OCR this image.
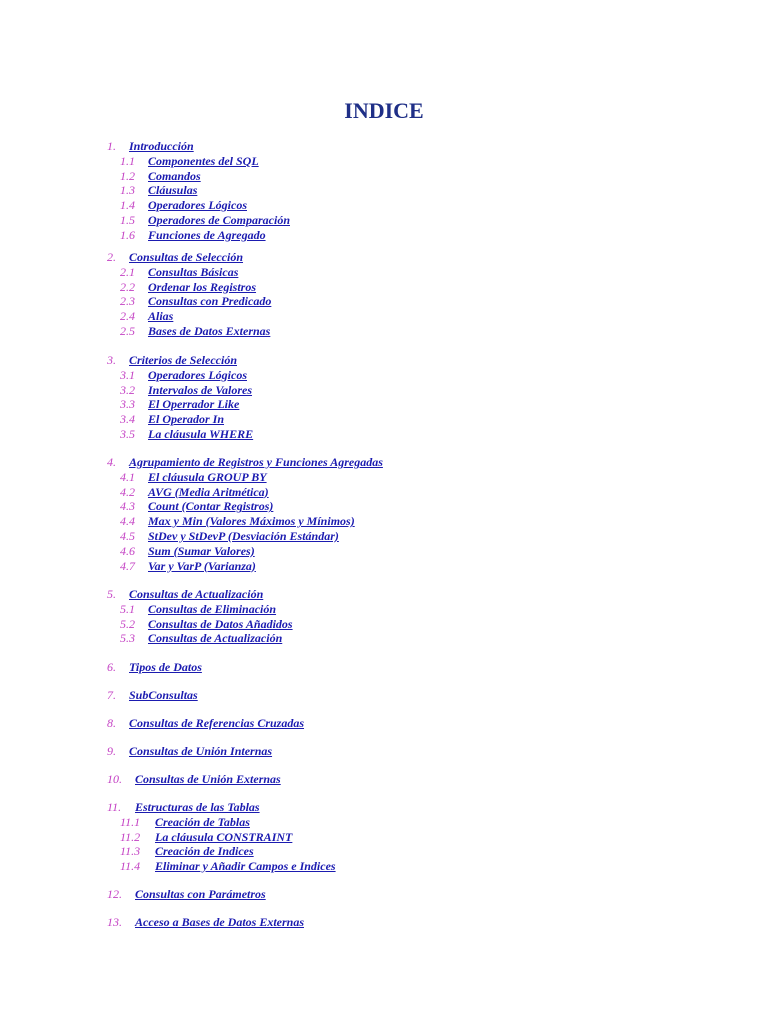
INDICE
1. Introducción
1.1 Componentes del SQL
1.2 Comandos
1.3 Cláusulas
1.4 Operadores Lógicos
1.5 Operadores de Comparación
1.6 Funciones de Agregado
2. Consultas de Selección
2.1 Consultas Básicas
2.2 Ordenar los Registros
2.3 Consultas con Predicado
2.4 Alias
2.5 Bases de Datos Externas
3. Criterios de Selección
3.1 Operadores Lógicos
3.2 Intervalos de Valores
3.3 El Operrador Like
3.4 El Operador In
3.5 La cláusula WHERE
4. Agrupamiento de Registros y Funciones Agregadas
4.1 El cláusula GROUP BY
4.2 AVG (Media Aritmética)
4.3 Count (Contar Registros)
4.4 Max y Min (Valores Máximos y Mínimos)
4.5 StDev y StDevP (Desviación Estándar)
4.6 Sum (Sumar Valores)
4.7 Var y VarP (Varianza)
5. Consultas de Actualización
5.1 Consultas de Eliminación
5.2 Consultas de Datos Añadidos
5.3 Consultas de Actualización
6. Tipos de Datos
7. SubConsultas
8. Consultas de Referencias Cruzadas
9. Consultas de Unión Internas
10. Consultas de Unión Externas
11. Estructuras de las Tablas
11.1 Creación de Tablas
11.2 La cláusula CONSTRAINT
11.3 Creación de Indices
11.4 Eliminar y Añadir Campos e Indices
12. Consultas con Parámetros
13. Acceso a Bases de Datos Externas
